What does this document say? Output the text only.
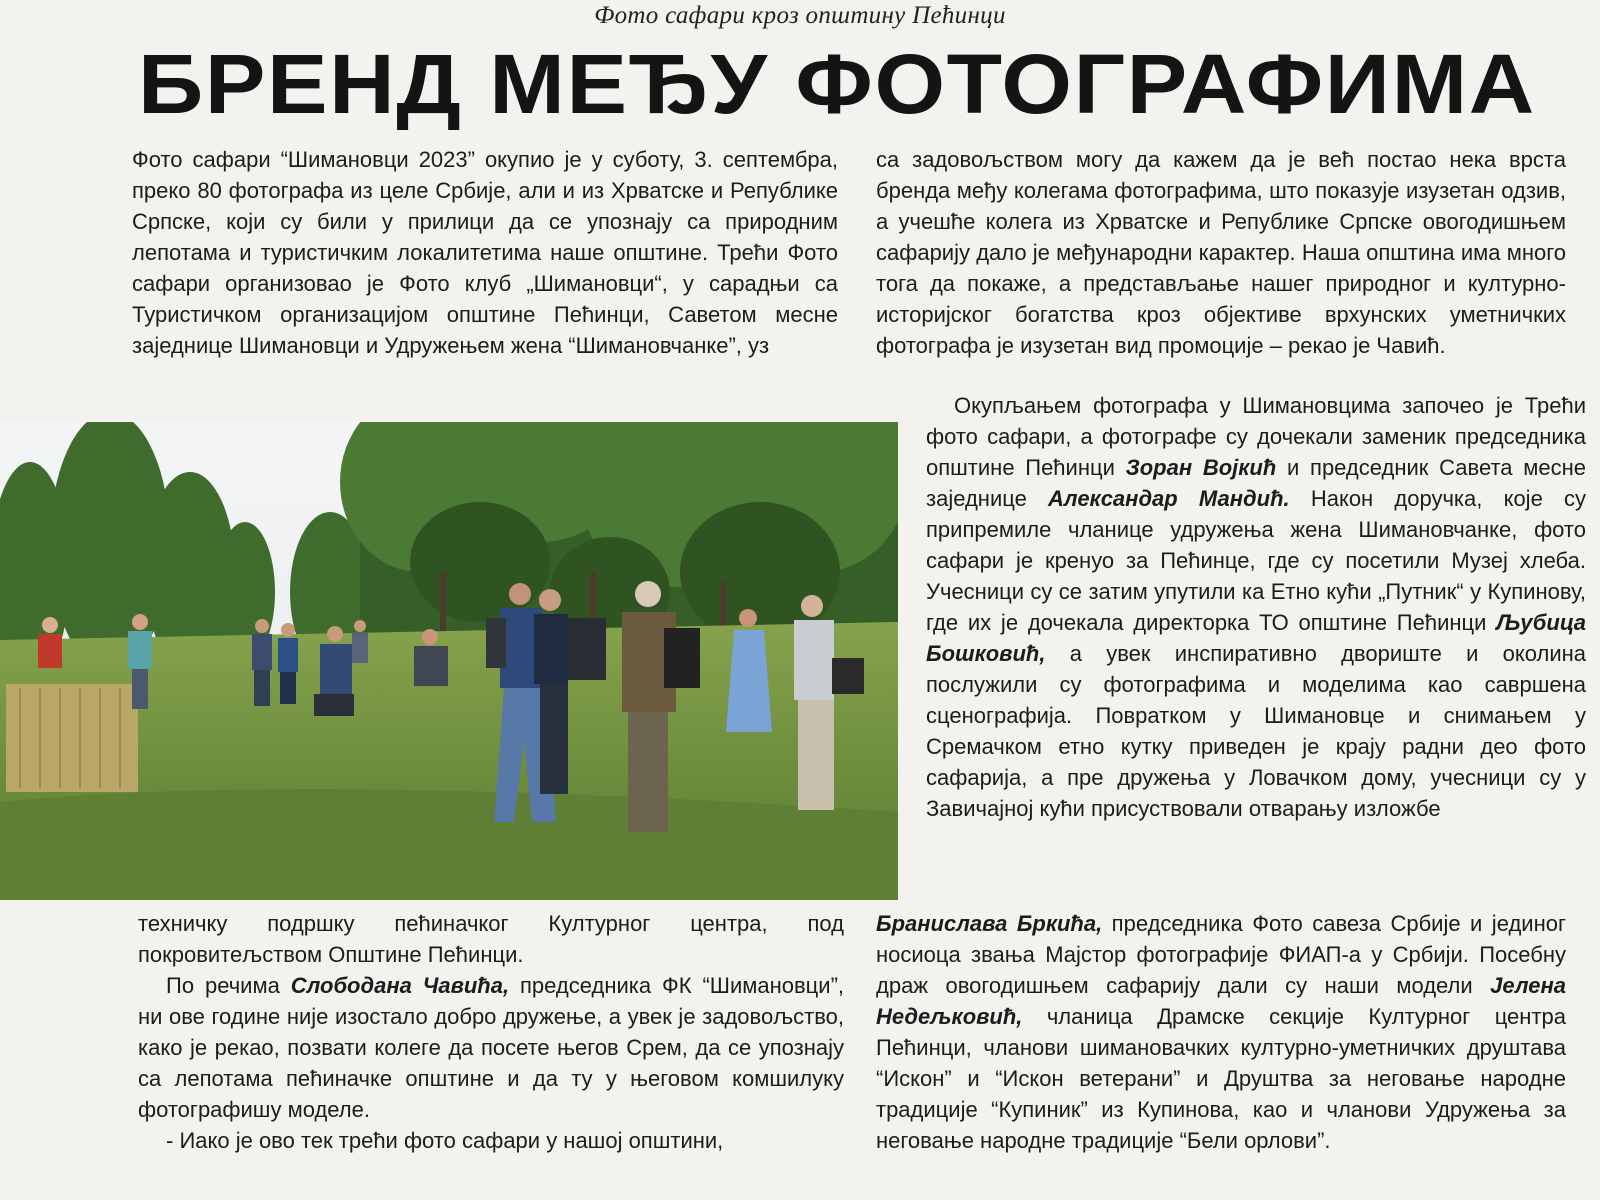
Фото сафари кроз општину Пећинци
БРЕНД МЕЂУ ФОТОГРАФИМА

Фото сафари “Шимановци 2023” окупио је у суботу, 3. септембра, преко 80 фотографа из целе Србије, али и из Хрватске и Републике Српске, који су били у прилици да се упознају са природним лепотама и туристичким локалитетима наше општине. Трећи Фото сафари организовао је Фото клуб „Шимановци“, у сарадњи са Туристичком организацијом општине Пећинци, Саветом месне заједнице Шимановци и Удружењем жена “Шимановчанке”, уз

са задовољством могу да кажем да је већ постао нека врста бренда међу колегама фотографима, што показује изузетан одзив, а учешће колега из Хрватске и Републике Српске овогодишњем сафарију дало је међународни карактер. Наша општина има много тога да покаже, а представљање нашег природног и културно-историјског богатства кроз објективе врхунских уметничких фотографа је изузетан вид промоције – рекао је Чавић.

Окупљањем фотографа у Шимановцима започео је Трећи фото сафари, а фотографе су дочекали заменик председника општине Пећинци Зоран Војкић и председник Савета месне заједнице Александар Мандић. Након доручка, које су припремиле чланице удружења жена Шимановчанке, фото сафари је кренуо за Пећинце, где су посетили Музеј хлеба. Учесници су се затим упутили ка Етно кући „Путник“ у Купинову, где их је дочекала директорка ТО општине Пећинци Љубица Бошковић, а увек инспиративно двориште и околина послужили су фотографима и моделима као савршена сценографија. Повратком у Шимановце и снимањем у Сремачком етно кутку приведен је крају радни део фото сафарија, а пре дружења у Ловачком дому, учесници су у Завичајној кући присуствовали отварању изложбе

Бранислава Бркића, председника Фото савеза Србије и јединог носиоца звања Мајстор фотографије ФИАП-а у Србији. Посебну драж овогодишњем сафарију дали су наши модели Јелена Недељковић, чланица Драмске секције Културног центра Пећинци, чланови шимановачких културно-уметничких друштава “Искон” и “Искон ветерани” и Друштва за неговање народне традиције “Купиник” из Купинова, као и чланови Удружења за неговање народне традиције “Бели орлови”.

техничку подршку пећиначког Културног центра, под покровитељством Општине Пећинци.

По речима Слободана Чавића, председника ФК “Шимановци”, ни ове године није изостало добро дружење, а увек је задовољство, како је рекао, позвати колеге да посете његов Срем, да се упознају са лепотама пећиначке општине и да ту у његовом комшилуку фотографишу моделе.

- Иако је ово тек трећи фото сафари у нашој општини,
